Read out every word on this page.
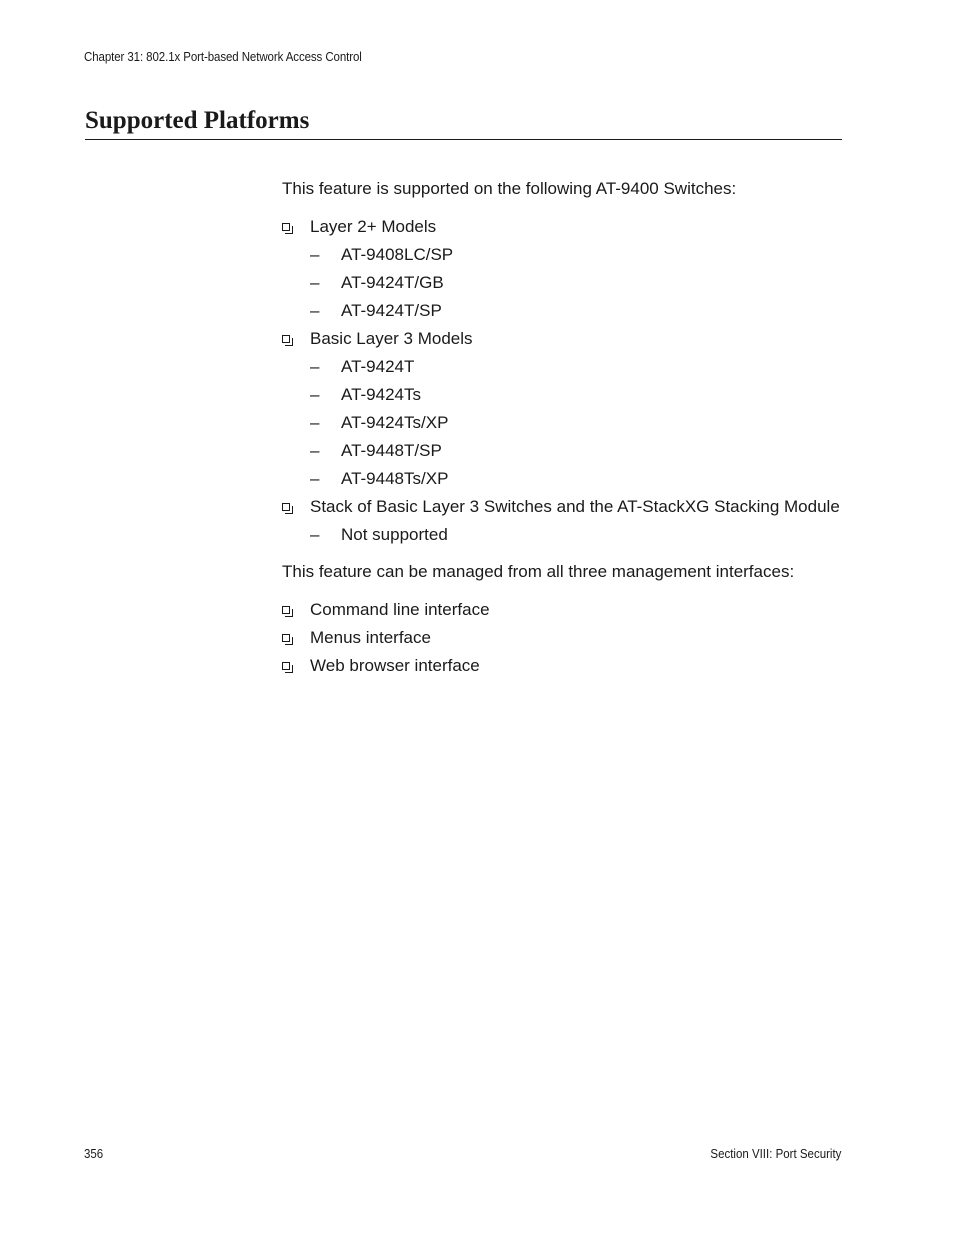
Chapter 31: 802.1x Port-based Network Access Control
Supported Platforms

This feature is supported on the following AT-9400 Switches:

Layer 2+ Models
– AT-9408LC/SP
– AT-9424T/GB
– AT-9424T/SP
Basic Layer 3 Models
– AT-9424T
– AT-9424Ts
– AT-9424Ts/XP
– AT-9448T/SP
– AT-9448Ts/XP
Stack of Basic Layer 3 Switches and the AT-StackXG Stacking Module
– Not supported

This feature can be managed from all three management interfaces:

Command line interface
Menus interface
Web browser interface
356	Section VIII: Port Security
